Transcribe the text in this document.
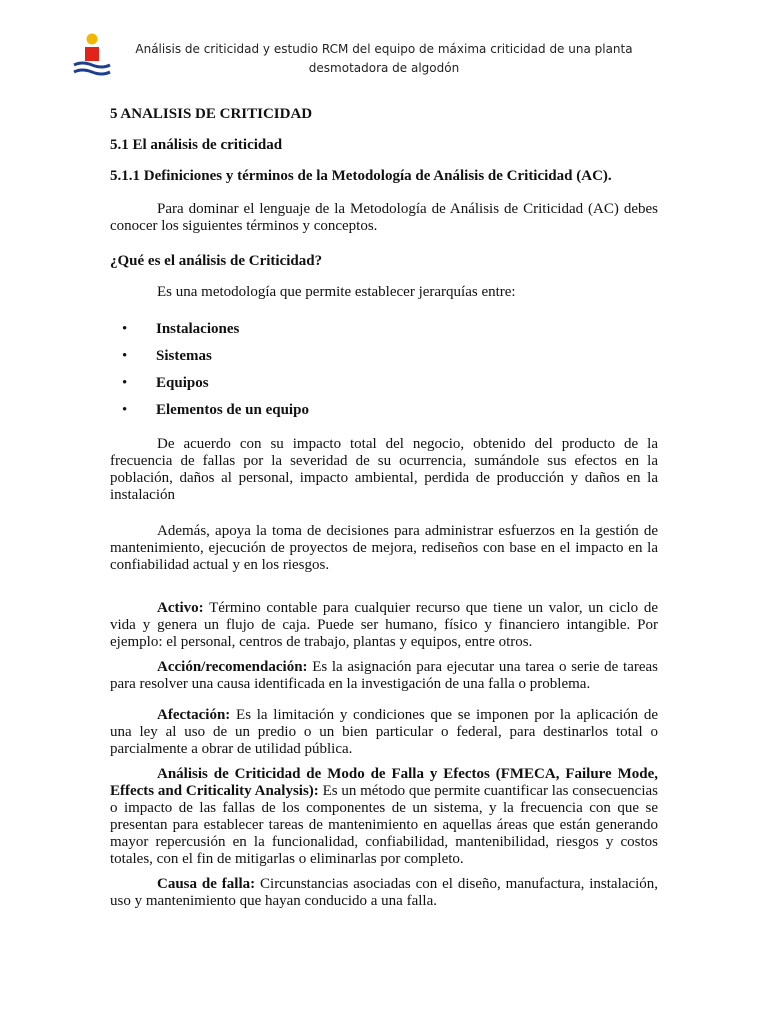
Análisis de criticidad y estudio RCM del equipo de máxima criticidad de una planta
desmotadora de algodón

5 ANALISIS DE CRITICIDAD

5.1 El análisis de criticidad

5.1.1 Definiciones y términos de la Metodología de Análisis de Criticidad (AC).

Para dominar el lenguaje de la Metodología de Análisis de Criticidad (AC) debes conocer los siguientes términos y conceptos.

¿Qué es el análisis de Criticidad?

Es una metodología que permite establecer jerarquías entre:

• Instalaciones
• Sistemas
• Equipos
• Elementos de un equipo

De acuerdo con su impacto total del negocio, obtenido del producto de la frecuencia de fallas por la severidad de su ocurrencia, sumándole sus efectos en la población, daños al personal, impacto ambiental, perdida de producción y daños en la instalación

Además, apoya la toma de decisiones para administrar esfuerzos en la gestión de mantenimiento, ejecución de proyectos de mejora, rediseños con base en el impacto en la confiabilidad actual y en los riesgos.

Activo: Término contable para cualquier recurso que tiene un valor, un ciclo de vida y genera un flujo de caja. Puede ser humano, físico y financiero intangible. Por ejemplo: el personal, centros de trabajo, plantas y equipos, entre otros.

Acción/recomendación: Es la asignación para ejecutar una tarea o serie de tareas para resolver una causa identificada en la investigación de una falla o problema.

Afectación: Es la limitación y condiciones que se imponen por la aplicación de una ley al uso de un predio o un bien particular o federal, para destinarlos total o parcialmente a obrar de utilidad pública.

Análisis de Criticidad de Modo de Falla y Efectos (FMECA, Failure Mode, Effects and Criticality Analysis): Es un método que permite cuantificar las consecuencias o impacto de las fallas de los componentes de un sistema, y la frecuencia con que se presentan para establecer tareas de mantenimiento en aquellas áreas que están generando mayor repercusión en la funcionalidad, confiabilidad, mantenibilidad, riesgos y costos totales, con el fin de mitigarlas o eliminarlas por completo.

Causa de falla: Circunstancias asociadas con el diseño, manufactura, instalación, uso y mantenimiento que hayan conducido a una falla.
